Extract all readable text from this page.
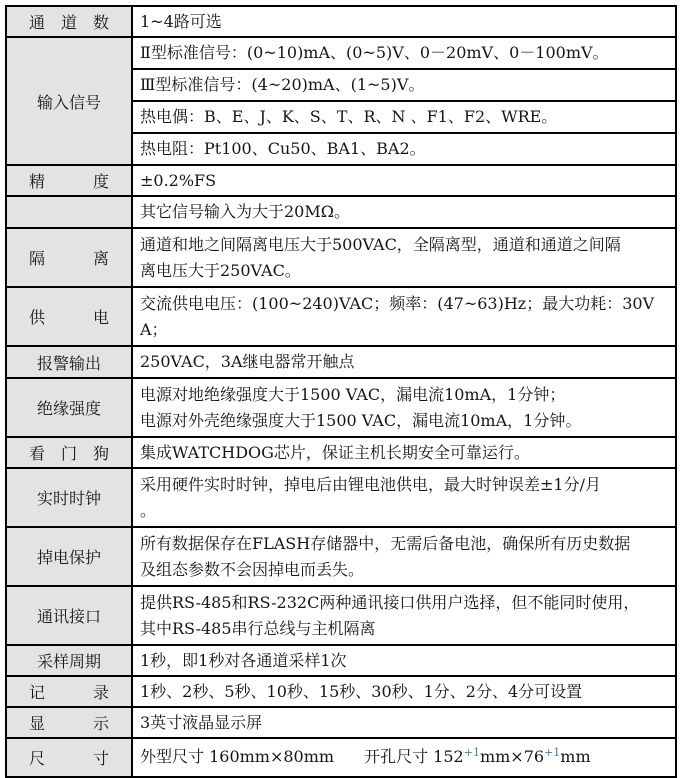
通　道　数	1~4路可选
输入信号	Ⅱ型标准信号：(0~10)mA、(0~5)V、0－20mV、0－100mV。
	Ⅲ型标准信号：(4~20)mA、(1~5)V。
	热电偶：B、E、J、K、S、T、R、N 、F1、F2、WRE。
	热电阻：Pt100、Cu50、BA1、BA2。
精　　　度	±0.2%FS
	其它信号输入为大于20MΩ。
隔　　　离	通道和地之间隔离电压大于500VAC，全隔离型，通道和通道之间隔
离电压大于250VAC。

供　　　电	交流供电电压：(100~240)VAC；频率：(47~63)Hz；最大功耗：30V
A；

报警输出	250VAC，3A继电器常开触点
绝缘强度	电源对地绝缘强度大于1500 VAC，漏电流10mA，1分钟；
电源对外壳绝缘强度大于1500 VAC，漏电流10mA，1分钟。

看　门　狗	集成WATCHDOG芯片，保证主机长期安全可靠运行。
实时时钟	采用硬件实时时钟，掉电后由锂电池供电，最大时钟误差±1分/月
。

掉电保护	所有数据保存在FLASH存储器中，无需后备电池，确保所有历史数据
及组态参数不会因掉电而丢失。

通讯接口	提供RS-485和RS-232C两种通讯接口供用户选择，但不能同时使用，
其中RS-485串行总线与主机隔离

采样周期	1秒，即1秒对各通道采样1次
记　　　录	1秒、2秒、5秒、10秒、15秒、30秒、1分、2分、4分可设置
显　　　示	3英寸液晶显示屏
尺　　　寸	外型尺寸 160mm×80mm 开孔尺寸 $152^{+1}mm\times 76^{+1}mm$
